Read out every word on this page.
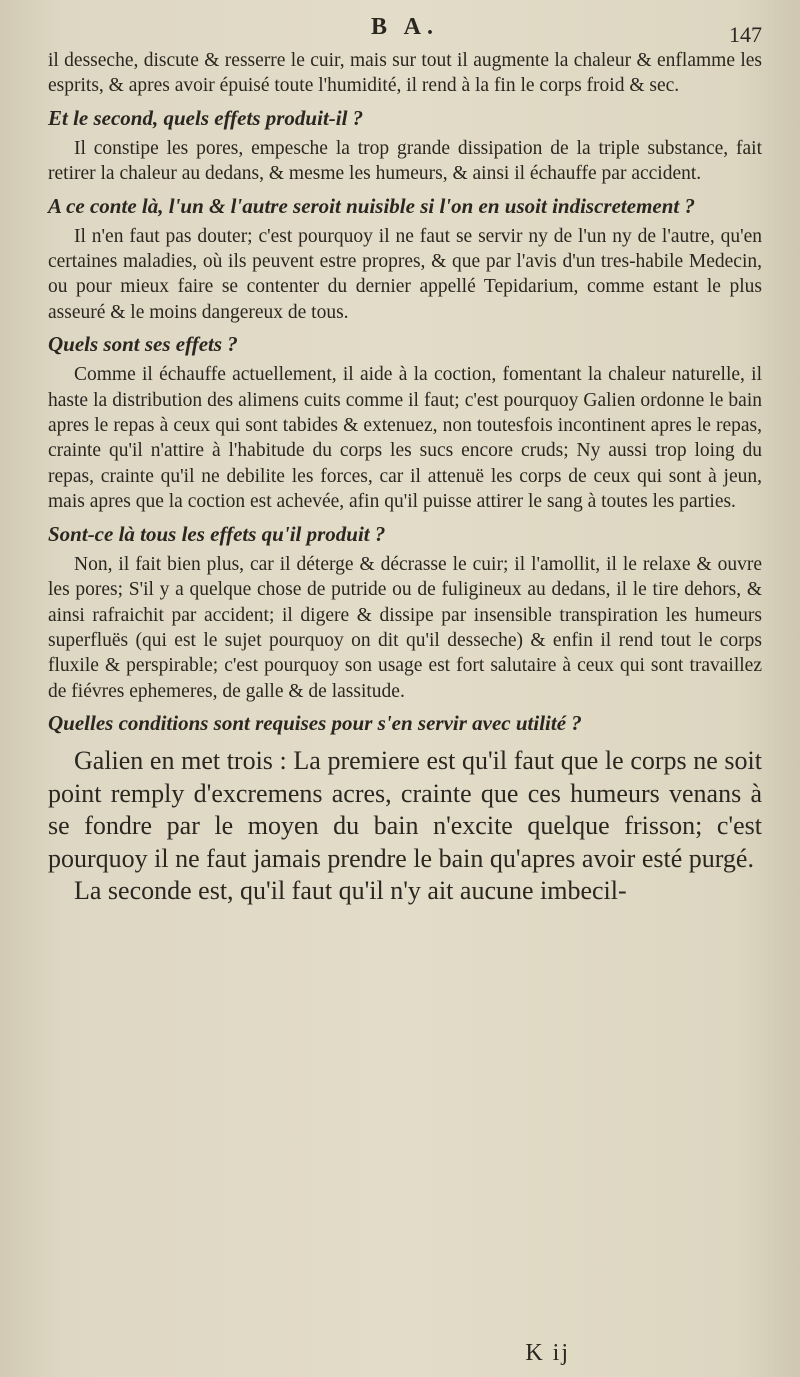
B A.	147

il desseche, discute & resserre le cuir, mais sur tout il augmente la chaleur & enflamme les esprits, & apres avoir épuisé toute l'humidité, il rend à la fin le corps froid & sec.

Et le second, quels effets produit-il ?

Il constipe les pores, empesche la trop grande dissipation de la triple substance, fait retirer la chaleur au dedans, & mesme les humeurs, & ainsi il échauffe par accident.

A ce conte là, l'un & l'autre seroit nuisible si l'on en usoit indiscretement ?

Il n'en faut pas douter; c'est pourquoy il ne faut se servir ny de l'un ny de l'autre, qu'en certaines maladies, où ils peuvent estre propres, & que par l'avis d'un tres-habile Medecin, ou pour mieux faire se contenter du dernier appellé Tepidarium, comme estant le plus asseuré & le moins dangereux de tous.

Quels sont ses effets ?

Comme il échauffe actuellement, il aide à la coction, fomentant la chaleur naturelle, il haste la distribution des alimens cuits comme il faut; c'est pourquoy Galien ordonne le bain apres le repas à ceux qui sont tabides & extenuez, non toutesfois incontinent apres le repas, crainte qu'il n'attire à l'habitude du corps les sucs encore cruds; Ny aussi trop loing du repas, crainte qu'il ne debilite les forces, car il attenuë les corps de ceux qui sont à jeun, mais apres que la coction est achevée, afin qu'il puisse attirer le sang à toutes les parties.

Sont-ce là tous les effets qu'il produit ?

Non, il fait bien plus, car il déterge & décrasse le cuir; il l'amollit, il le relaxe & ouvre les pores; S'il y a quelque chose de putride ou de fuligineux au dedans, il le tire dehors, & ainsi rafraichit par accident; il digere & dissipe par insensible transpiration les humeurs superfluës (qui est le sujet pourquoy on dit qu'il desseche) & enfin il rend tout le corps fluxile & perspirable; c'est pourquoy son usage est fort salutaire à ceux qui sont travaillez de fiévres ephemeres, de galle & de lassitude.

Quelles conditions sont requises pour s'en servir avec utilité ?

Galien en met trois : La premiere est qu'il faut que le corps ne soit point remply d'excremens acres, crainte que ces humeurs venans à se fondre par le moyen du bain n'excite quelque frisson; c'est pourquoy il ne faut jamais prendre le bain qu'apres avoir esté purgé.

La seconde est, qu'il faut qu'il n'y ait aucune imbecil-

K ij
